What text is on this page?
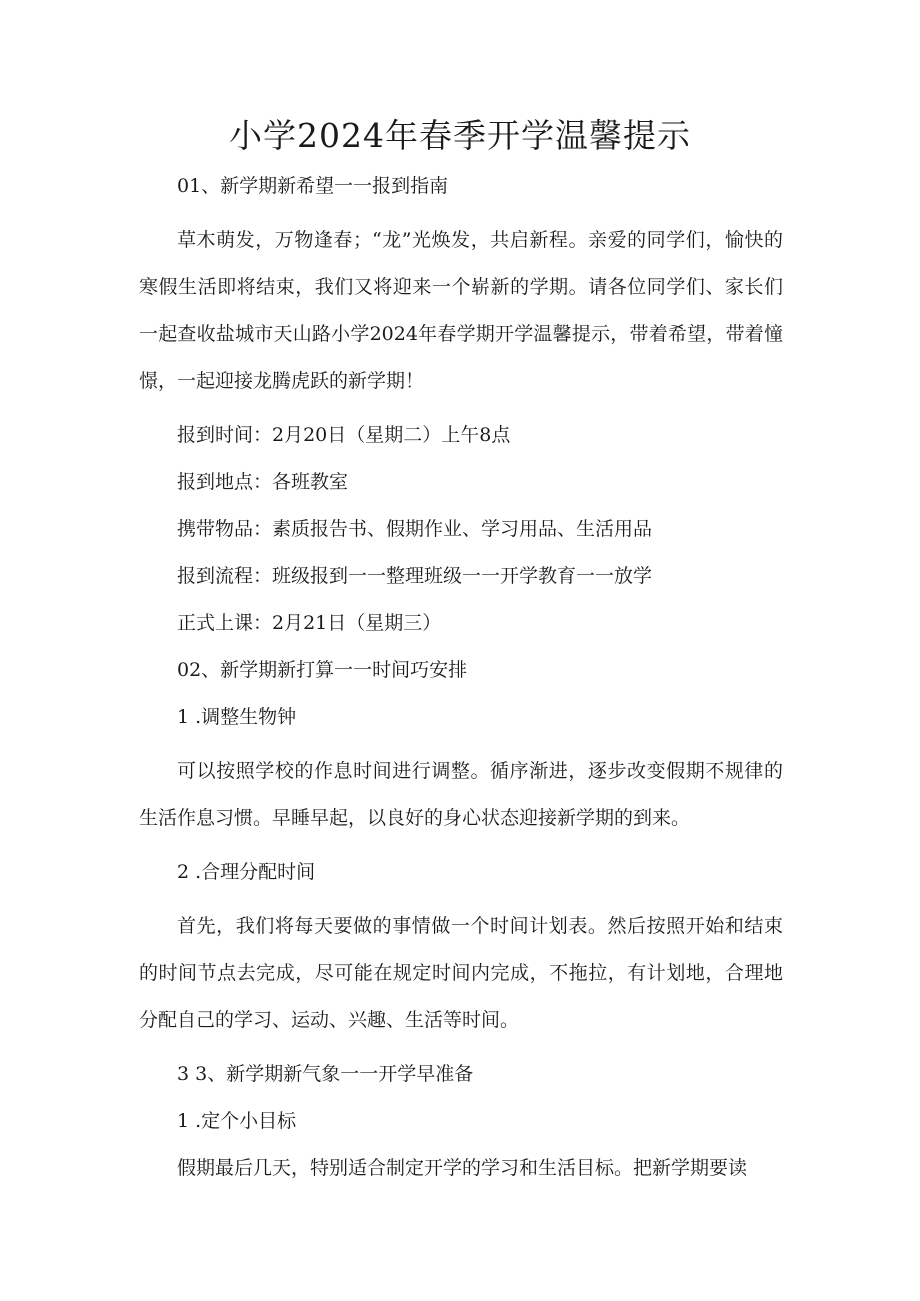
小学2024年春季开学温馨提示

01、新学期新希望一一报到指南

草木萌发，万物逢春；“龙”光焕发，共启新程。亲爱的同学们，愉快的寒假生活即将结束，我们又将迎来一个崭新的学期。请各位同学们、家长们一起查收盐城市天山路小学2024年春学期开学温馨提示，带着希望，带着憧憬，一起迎接龙腾虎跃的新学期！

报到时间：2月20日（星期二）上午8点

报到地点：各班教室

携带物品：素质报告书、假期作业、学习用品、生活用品

报到流程：班级报到一一整理班级一一开学教育一一放学

正式上课：2月21日（星期三）

02、新学期新打算一一时间巧安排

1 .调整生物钟

可以按照学校的作息时间进行调整。循序渐进，逐步改变假期不规律的生活作息习惯。早睡早起，以良好的身心状态迎接新学期的到来。

2 .合理分配时间

首先，我们将每天要做的事情做一个时间计划表。然后按照开始和结束的时间节点去完成，尽可能在规定时间内完成，不拖拉，有计划地，合理地分配自己的学习、运动、兴趣、生活等时间。

3 3、新学期新气象一一开学早准备

1 .定个小目标

假期最后几天，特别适合制定开学的学习和生活目标。把新学期要读
